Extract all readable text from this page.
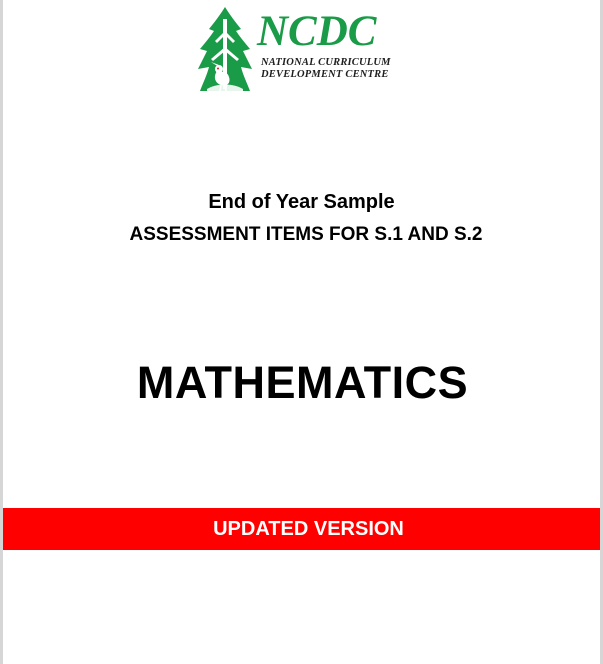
NCDC
NATIONAL CURRICULUM
DEVELOPMENT CENTRE
End of Year Sample
ASSESSMENT ITEMS FOR S.1 AND S.2
MATHEMATICS
UPDATED VERSION
